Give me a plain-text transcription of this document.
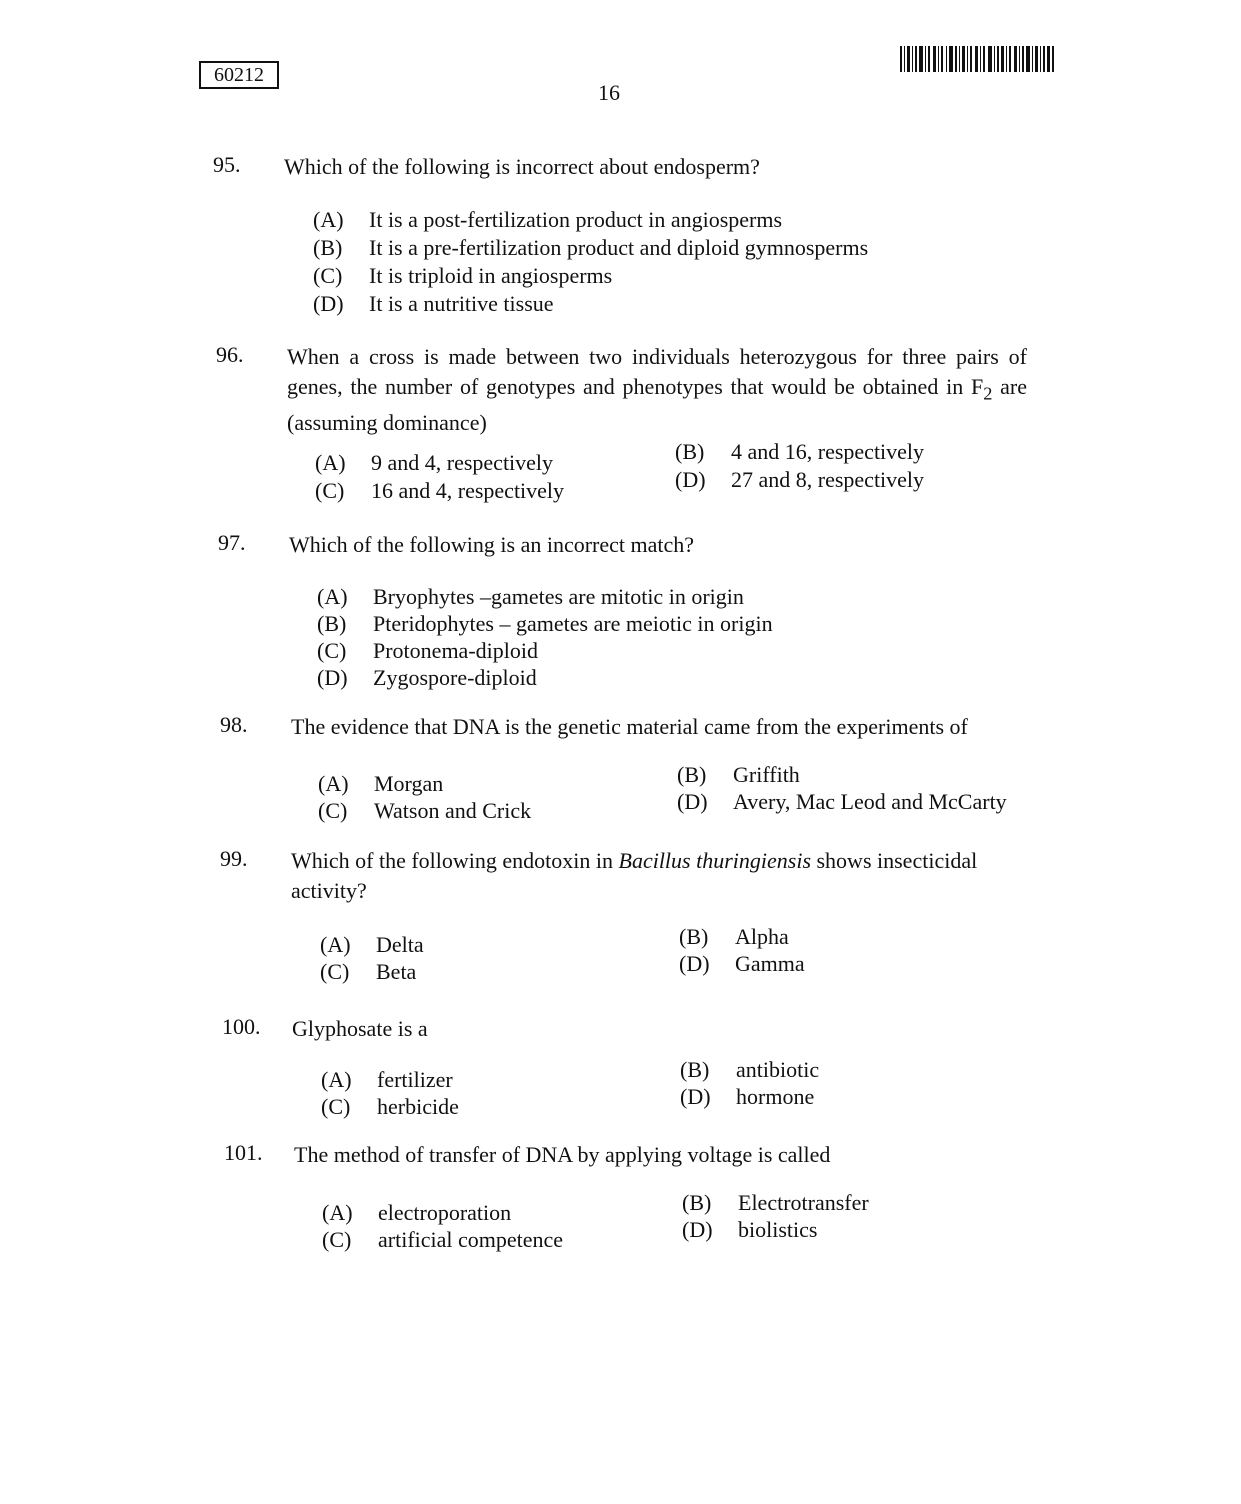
60212
16
95. Which of the following is incorrect about endosperm?
(A) It is a post-fertilization product in angiosperms
(B) It is a pre-fertilization product and diploid gymnosperms
(C) It is triploid in angiosperms
(D) It is a nutritive tissue
96. When a cross is made between two individuals heterozygous for three pairs of genes, the number of genotypes and phenotypes that would be obtained in $F_2$ are (assuming dominance)
(A) 9 and 4, respectively	(B) 4 and 16, respectively
(C) 16 and 4, respectively	(D) 27 and 8, respectively
97. Which of the following is an incorrect match?
(A) Bryophytes –gametes are mitotic in origin
(B) Pteridophytes – gametes are meiotic in origin
(C) Protonema-diploid
(D) Zygospore-diploid
98. The evidence that DNA is the genetic material came from the experiments of
(A) Morgan	(B) Griffith
(C) Watson and Crick	(D) Avery, Mac Leod and McCarty
99. Which of the following endotoxin in Bacillus thuringiensis shows insecticidal activity?
(A) Delta	(B) Alpha
(C) Beta	(D) Gamma
100. Glyphosate is a
(A) fertilizer	(B) antibiotic
(C) herbicide	(D) hormone
101. The method of transfer of DNA by applying voltage is called
(A) electroporation	(B) Electrotransfer
(C) artificial competence	(D) biolistics
